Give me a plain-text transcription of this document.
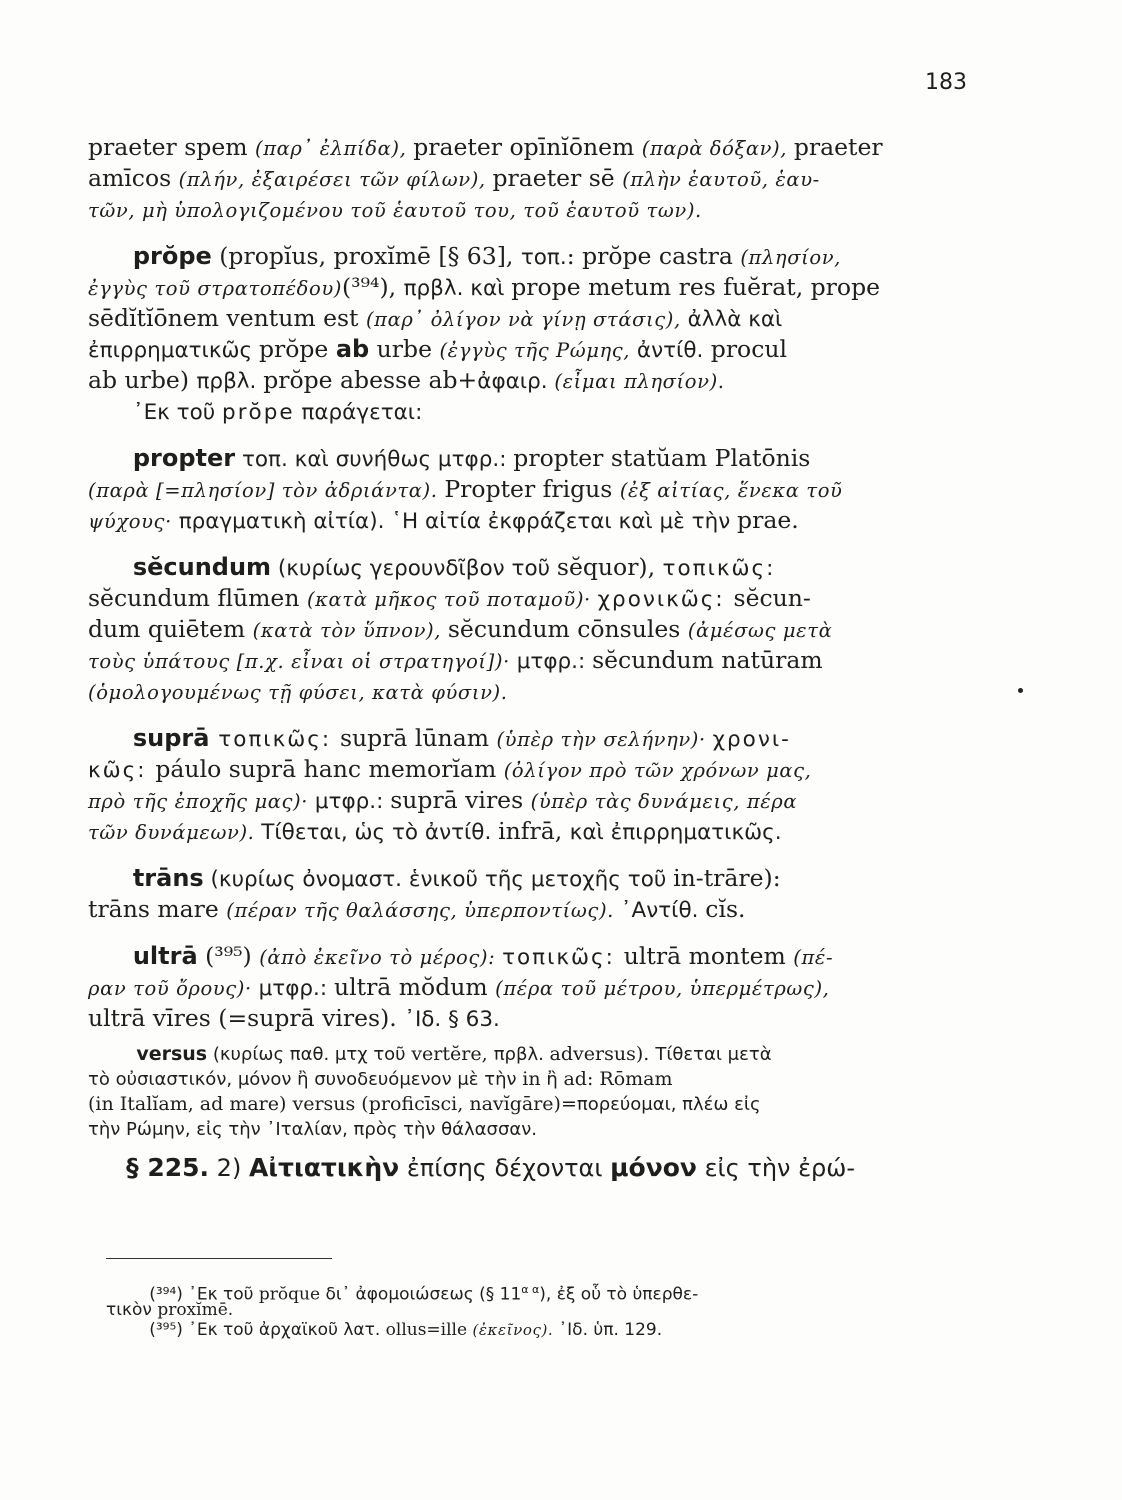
183
praeter spem (παρ᾽ ἐλπίδα), praeter opīnĭōnem (παρὰ δόξαν), praeter
amīcos (πλήν, ἐξαιρέσει τῶν φίλων), praeter sē (πλὴν ἑαυτοῦ, ἑαυ-
τῶν, μὴ ὑπολογιζομένου τοῦ ἑαυτοῦ του, τοῦ ἑαυτοῦ των).
prŏpe (propĭus, proxĭmē [§ 63], τοπ.: prŏpe castra (πλησίον,
ἐγγὺς τοῦ στρατοπέδου)(³⁹⁴), πρβλ. καὶ prope metum res fuĕrat, prope
sēdĭtĭōnem ventum est (παρ᾽ ὀλίγον νὰ γίνῃ στάσις), ἀλλὰ καὶ
ἐπιρρηματικῶς prŏpe ab urbe (ἐγγὺς τῆς Ρώμης, ἀντίθ. procul
ab urbe) πρβλ. prŏpe abesse ab+ἀφαιρ. (εἶμαι πλησίον).
᾽Εκ τοῦ prŏpe παράγεται:
propter τοπ. καὶ συνήθως μτφρ.: propter statŭam Platōnis
(παρὰ [=πλησίον] τὸν ἀδριάντα). Propter frigus (ἐξ αἰτίας, ἕνεκα τοῦ
ψύχους· πραγματικὴ αἰτία). ῾Η αἰτία ἐκφράζεται καὶ μὲ τὴν prae.
sĕcundum (κυρίως γερουνδῖβον τοῦ sĕquor), τοπικῶς:
sĕcundum flūmen (κατὰ μῆκος τοῦ ποταμοῦ)· χρονικῶς: sĕcun-
dum quiētem (κατὰ τὸν ὕπνον), sĕcundum cōnsules (ἀμέσως μετὰ
τοὺς ὑπάτους [π.χ. εἶναι οἱ στρατηγοί])· μτφρ.: sĕcundum natūram
(ὁμολογουμένως τῇ φύσει, κατὰ φύσιν).
suprā τοπικῶς: suprā lūnam (ὑπὲρ τὴν σελήνην)· χρονι-
κῶς: páulo suprā hanc memorĭam (ὀλίγον πρὸ τῶν χρόνων μας,
πρὸ τῆς ἐποχῆς μας)· μτφρ.: suprā vires (ὑπὲρ τὰς δυνάμεις, πέρα
τῶν δυνάμεων). Τίθεται, ὡς τὸ ἀντίθ. infrā, καὶ ἐπιρρηματικῶς.
trāns (κυρίως ὀνομαστ. ἑνικοῦ τῆς μετοχῆς τοῦ in-trāre):
trāns mare (πέραν τῆς θαλάσσης, ὑπερποντίως). ᾽Αντίθ. cĭs.
ultrā (³⁹⁵) (ἀπὸ ἐκεῖνο τὸ μέρος): τοπικῶς: ultrā montem (πέ-
ραν τοῦ ὄρους)· μτφρ.: ultrā mŏdum (πέρα τοῦ μέτρου, ὑπερμέτρως),
ultrā vīres (=suprā vires). ᾽Ιδ. § 63.
versus (κυρίως παθ. μτχ τοῦ vertĕre, πρβλ. adversus). Τίθεται μετὰ
τὸ οὐσιαστικόν, μόνον ἢ συνοδευόμενον μὲ τὴν in ἢ ad: Rōmam
(in Italĭam, ad mare) versus (proficīsci, navĭgāre)=πορεύομαι, πλέω εἰς
τὴν Ρώμην, εἰς τὴν ᾽Ιταλίαν, πρὸς τὴν θάλασσαν.
§ 225. 2) Αἰτιατικὴν ἐπίσης δέχονται μόνον εἰς τὴν ἐρώ-
(³⁹⁴) ᾽Εκ τοῦ prŏque δι᾽ ἀφομοιώσεως (§ $11^{\alpha \alpha}$), ἐξ οὗ τὸ ὑπερθε-
τικὸν proxĭmē.
(³⁹⁵) ᾽Εκ τοῦ ἀρχαϊκοῦ λατ. ollus=ille (ἐκεῖνος). ᾽Ιδ. ὑπ. 129.
